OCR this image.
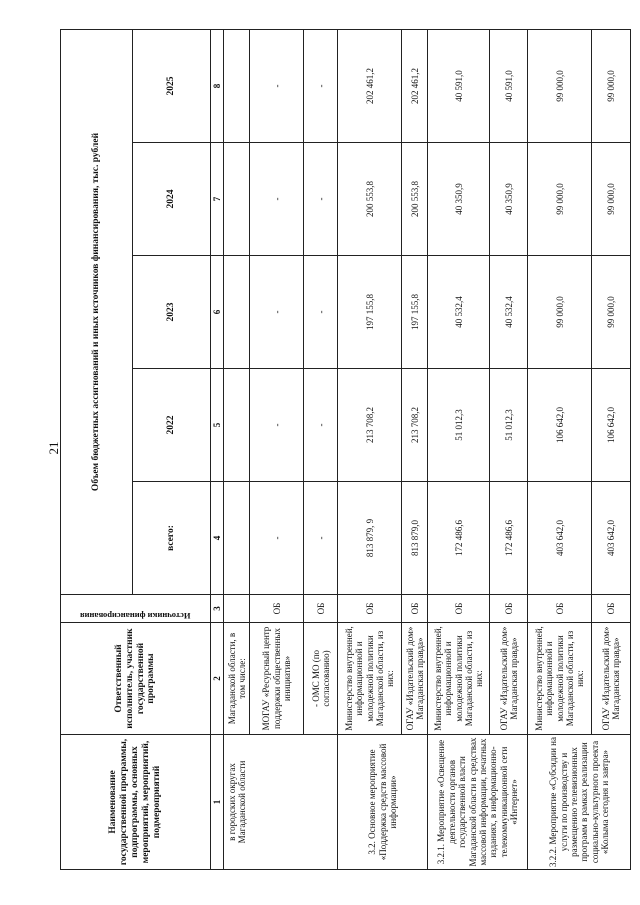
21
Наименование государственной программы, подпрограммы, основных мероприятий, мероприятий, подмероприятий	Ответственный исполнитель, участник государственной программы	Источники финансирования	Объем бюджетных ассигнований и иных источников финансирования, тыс. рублей				
			всего:	2022	2023	2024	2025
1	2	3	4	5	6	7	8
в городских округах Магаданской области	Магаданской области, в том числе:						
	МОГАУ «Ресурсный центр поддержки общественных инициатив»	ОБ	-	-	-	-	-
	- ОМС МО (по согласованию)	ОБ	-	-	-	-	-
3.2. Основное мероприятие «Поддержка средств массовой информации»	Министерство внутренней, информационной и молодежной политики Магаданской области, из них:	ОБ	813 879, 9	213 708,2	197 155,8	200 553,8	202 461,2
	ОГАУ «Издательский дом» Магаданская правда»	ОБ	813 879,0	213 708,2	197 155,8	200 553,8	202 461,2
3.2.1. Мероприятие «Освещение деятельности органов государственной власти Магаданской области в средствах массовой информации, печатных изданиях, в информационно-телекоммуникационной сети «Интернет»	Министерство внутренней, информационной и молодежной политики Магаданской области, из них:	ОБ	172 486,6	51 012,3	40 532,4	40 350,9	40 591,0
	ОГАУ «Издательский дом» Магаданская правда»	ОБ	172 486,6	51 012,3	40 532,4	40 350,9	40 591,0
3.2.2. Мероприятие «Субсидии на услуги по производству и размещению телевизионных программ в рамках реализации социально-культурного проекта «Колыма сегодня и завтра»	Министерство внутренней, информационной и молодежной политики Магаданской области, из них:	ОБ	403 642,0	106 642,0	99 000,0	99 000,0	99 000,0
	ОГАУ «Издательский дом» Магаданская правда»	ОБ	403 642,0	106 642,0	99 000,0	99 000,0	99 000,0
